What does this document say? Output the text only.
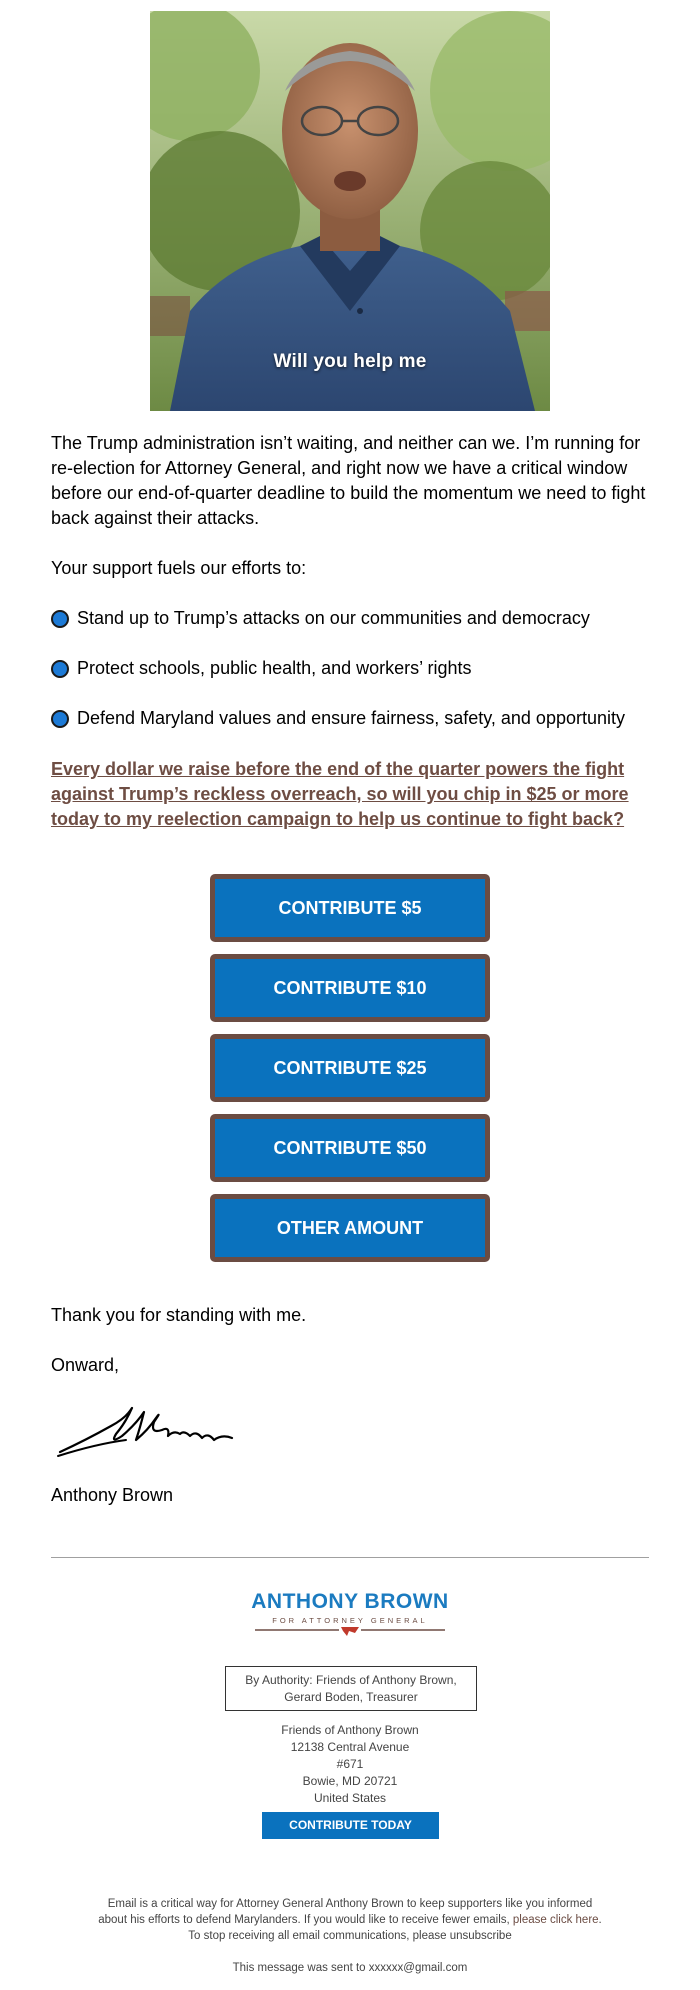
Will you help me

The Trump administration isn’t waiting, and neither can we. I’m running for re-election for Attorney General, and right now we have a critical window before our end-of-quarter deadline to build the momentum we need to fight back against their attacks.

Your support fuels our efforts to:

Stand up to Trump’s attacks on our communities and democracy
Protect schools, public health, and workers’ rights
Defend Maryland values and ensure fairness, safety, and opportunity

Every dollar we raise before the end of the quarter powers the fight against Trump’s reckless overreach, so will you chip in $25 or more today to my reelection campaign to help us continue to fight back?

CONTRIBUTE $5
CONTRIBUTE $10
CONTRIBUTE $25
CONTRIBUTE $50
OTHER AMOUNT

Thank you for standing with me.

Onward,

Anthony Brown

ANTHONY BROWN
FOR ATTORNEY GENERAL
By Authority: Friends of Anthony Brown,
Gerard Boden, Treasurer
Friends of Anthony Brown
12138 Central Avenue
#671
Bowie, MD 20721
United States
CONTRIBUTE TODAY
Email is a critical way for Attorney General Anthony Brown to keep supporters like you informed
about his efforts to defend Marylanders. If you would like to receive fewer emails, please click here.
To stop receiving all email communications, please unsubscribe
This message was sent to xxxxxx@gmail.com
